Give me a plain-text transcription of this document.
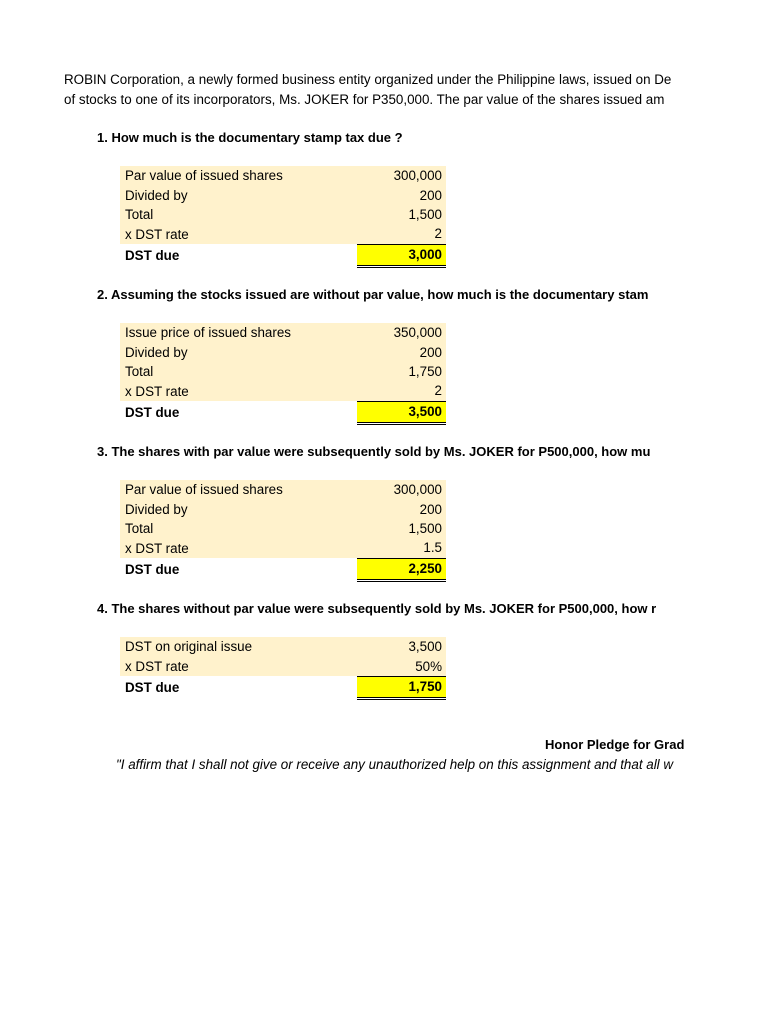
ROBIN Corporation, a newly formed business entity organized under the Philippine laws, issued on De
of stocks to one of its incorporators, Ms. JOKER for P350,000. The par value of the shares issued am
1. How much is the documentary stamp tax due ?
Par value of issued shares	300,000
Divided by	200
Total	1,500
x DST rate	2
DST due	3,000
2. Assuming the stocks issued are without par value, how much is the documentary stam
Issue price of issued shares	350,000
Divided by	200
Total	1,750
x DST rate	2
DST due	3,500
3. The shares with par value were subsequently sold by Ms. JOKER for P500,000, how mu
Par value of issued shares	300,000
Divided by	200
Total	1,500
x DST rate	1.5
DST due	2,250
4. The shares without par value were subsequently sold by Ms. JOKER for P500,000, how r
DST on original issue	3,500
x DST rate	50%
DST due	1,750
Honor Pledge for Grad
"I affirm that I shall not give or receive any unauthorized help on this assignment and that all w
